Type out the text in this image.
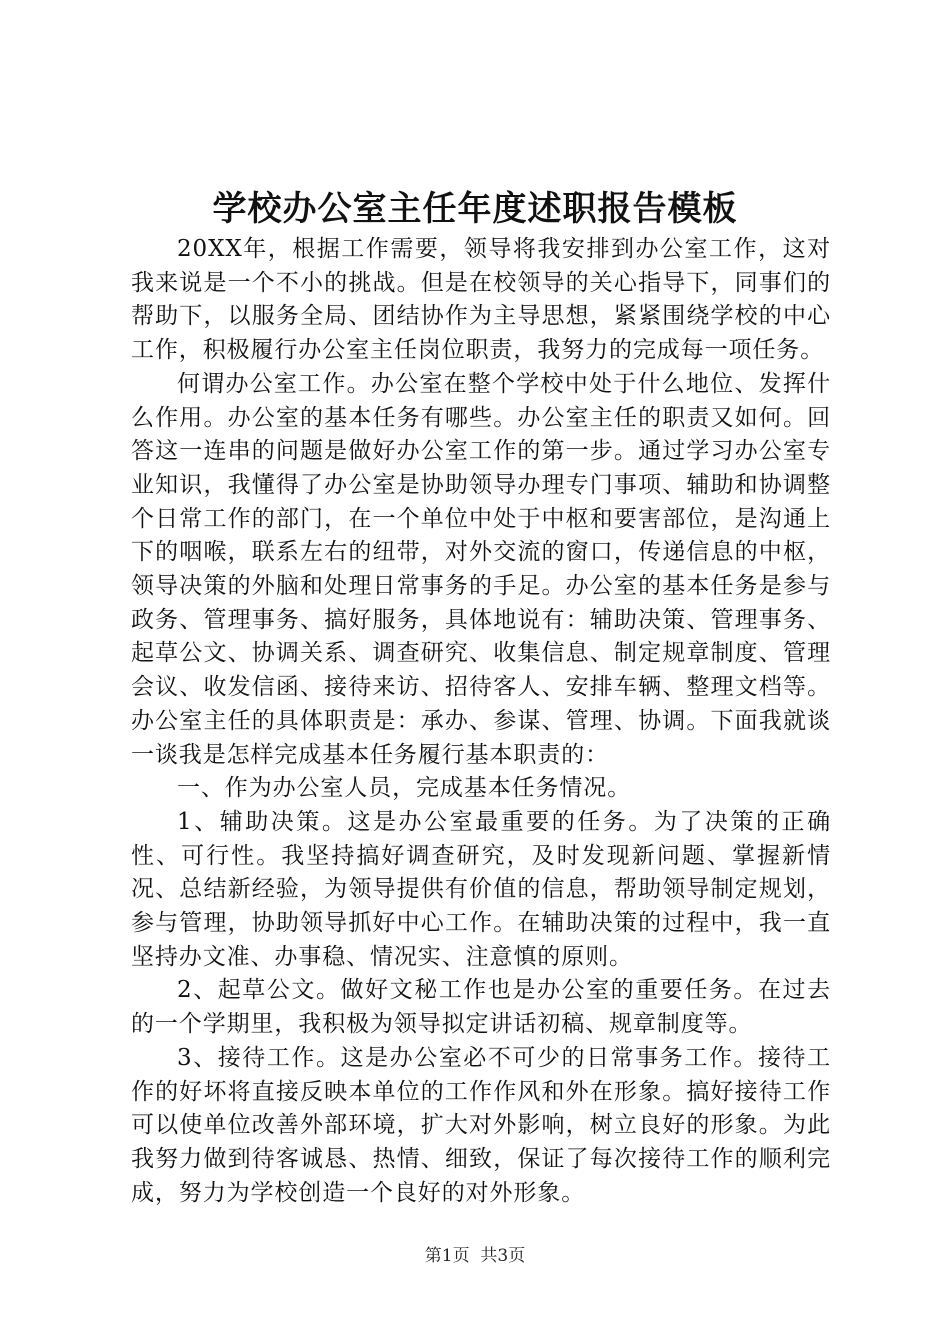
学校办公室主任年度述职报告模板

20XX年，根据工作需要，领导将我安排到办公室工作，这对我来说是一个不小的挑战。但是在校领导的关心指导下，同事们的帮助下，以服务全局、团结协作为主导思想，紧紧围绕学校的中心工作，积极履行办公室主任岗位职责，我努力的完成每一项任务。

何谓办公室工作。办公室在整个学校中处于什么地位、发挥什么作用。办公室的基本任务有哪些。办公室主任的职责又如何。回答这一连串的问题是做好办公室工作的第一步。通过学习办公室专业知识，我懂得了办公室是协助领导办理专门事项、辅助和协调整个日常工作的部门，在一个单位中处于中枢和要害部位，是沟通上下的咽喉，联系左右的纽带，对外交流的窗口，传递信息的中枢，领导决策的外脑和处理日常事务的手足。办公室的基本任务是参与政务、管理事务、搞好服务，具体地说有：辅助决策、管理事务、起草公文、协调关系、调查研究、收集信息、制定规章制度、管理会议、收发信函、接待来访、招待客人、安排车辆、整理文档等。办公室主任的具体职责是：承办、参谋、管理、协调。下面我就谈一谈我是怎样完成基本任务履行基本职责的：

一、作为办公室人员，完成基本任务情况。

1、辅助决策。这是办公室最重要的任务。为了决策的正确性、可行性。我坚持搞好调查研究，及时发现新问题、掌握新情况、总结新经验，为领导提供有价值的信息，帮助领导制定规划，参与管理，协助领导抓好中心工作。在辅助决策的过程中，我一直坚持办文准、办事稳、情况实、注意慎的原则。

2、起草公文。做好文秘工作也是办公室的重要任务。在过去的一个学期里，我积极为领导拟定讲话初稿、规章制度等。

3、接待工作。这是办公室必不可少的日常事务工作。接待工作的好坏将直接反映本单位的工作作风和外在形象。搞好接待工作可以使单位改善外部环境，扩大对外影响，树立良好的形象。为此我努力做到待客诚恳、热情、细致，保证了每次接待工作的顺利完成，努力为学校创造一个良好的对外形象。

第1页 共3页
